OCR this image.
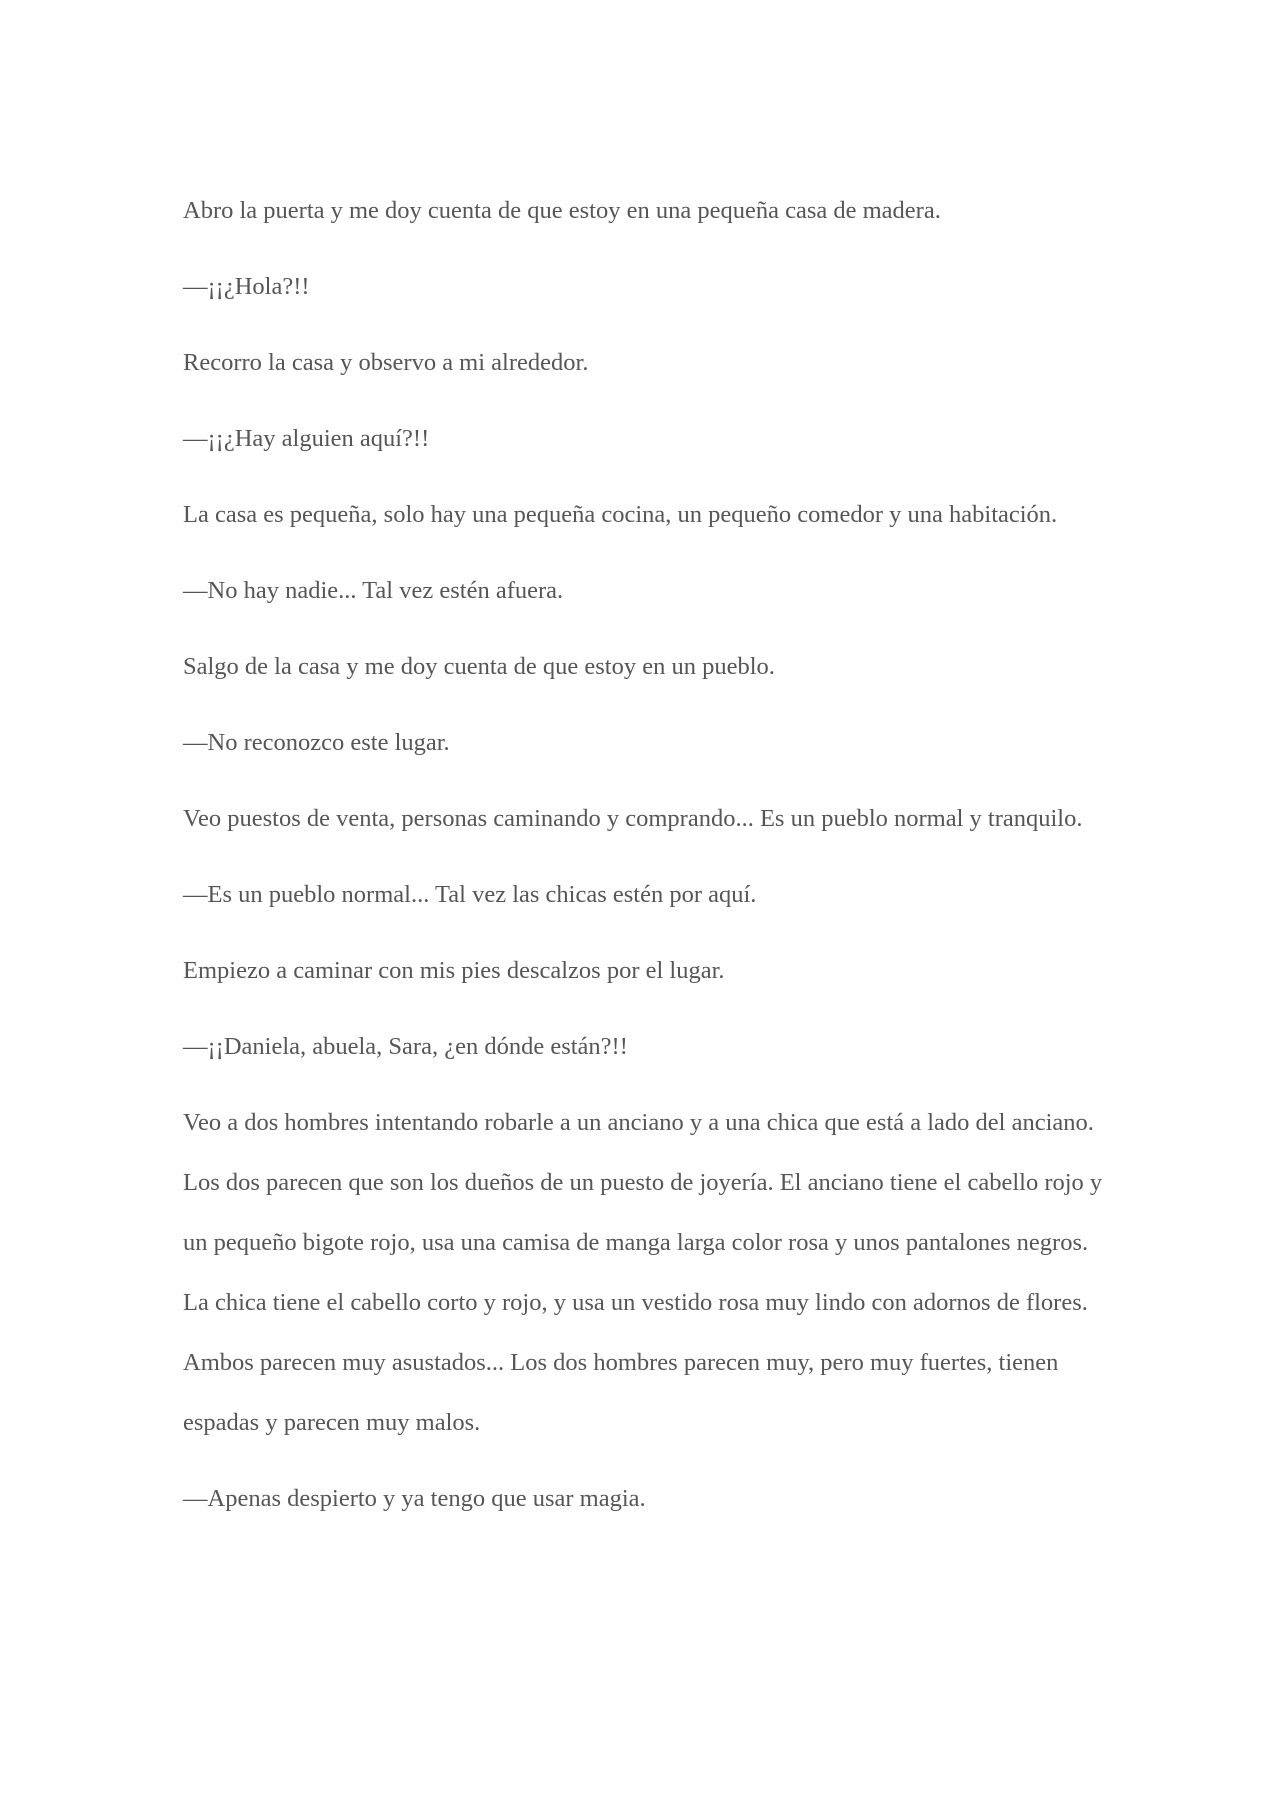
Abro la puerta y me doy cuenta de que estoy en una pequeña casa de madera.

—¡¡¿Hola?!!

Recorro la casa y observo a mi alrededor.

—¡¡¿Hay alguien aquí?!!

La casa es pequeña, solo hay una pequeña cocina, un pequeño comedor y una habitación.

—No hay nadie... Tal vez estén afuera.

Salgo de la casa y me doy cuenta de que estoy en un pueblo.

—No reconozco este lugar.

Veo puestos de venta, personas caminando y comprando... Es un pueblo normal y tranquilo.

—Es un pueblo normal... Tal vez las chicas estén por aquí.

Empiezo a caminar con mis pies descalzos por el lugar.

—¡¡Daniela, abuela, Sara, ¿en dónde están?!!

Veo a dos hombres intentando robarle a un anciano y a una chica que está a lado del anciano. Los dos parecen que son los dueños de un puesto de joyería. El anciano tiene el cabello rojo y un pequeño bigote rojo, usa una camisa de manga larga color rosa y unos pantalones negros. La chica tiene el cabello corto y rojo, y usa un vestido rosa muy lindo con adornos de flores. Ambos parecen muy asustados... Los dos hombres parecen muy, pero muy fuertes, tienen espadas y parecen muy malos.

—Apenas despierto y ya tengo que usar magia.
